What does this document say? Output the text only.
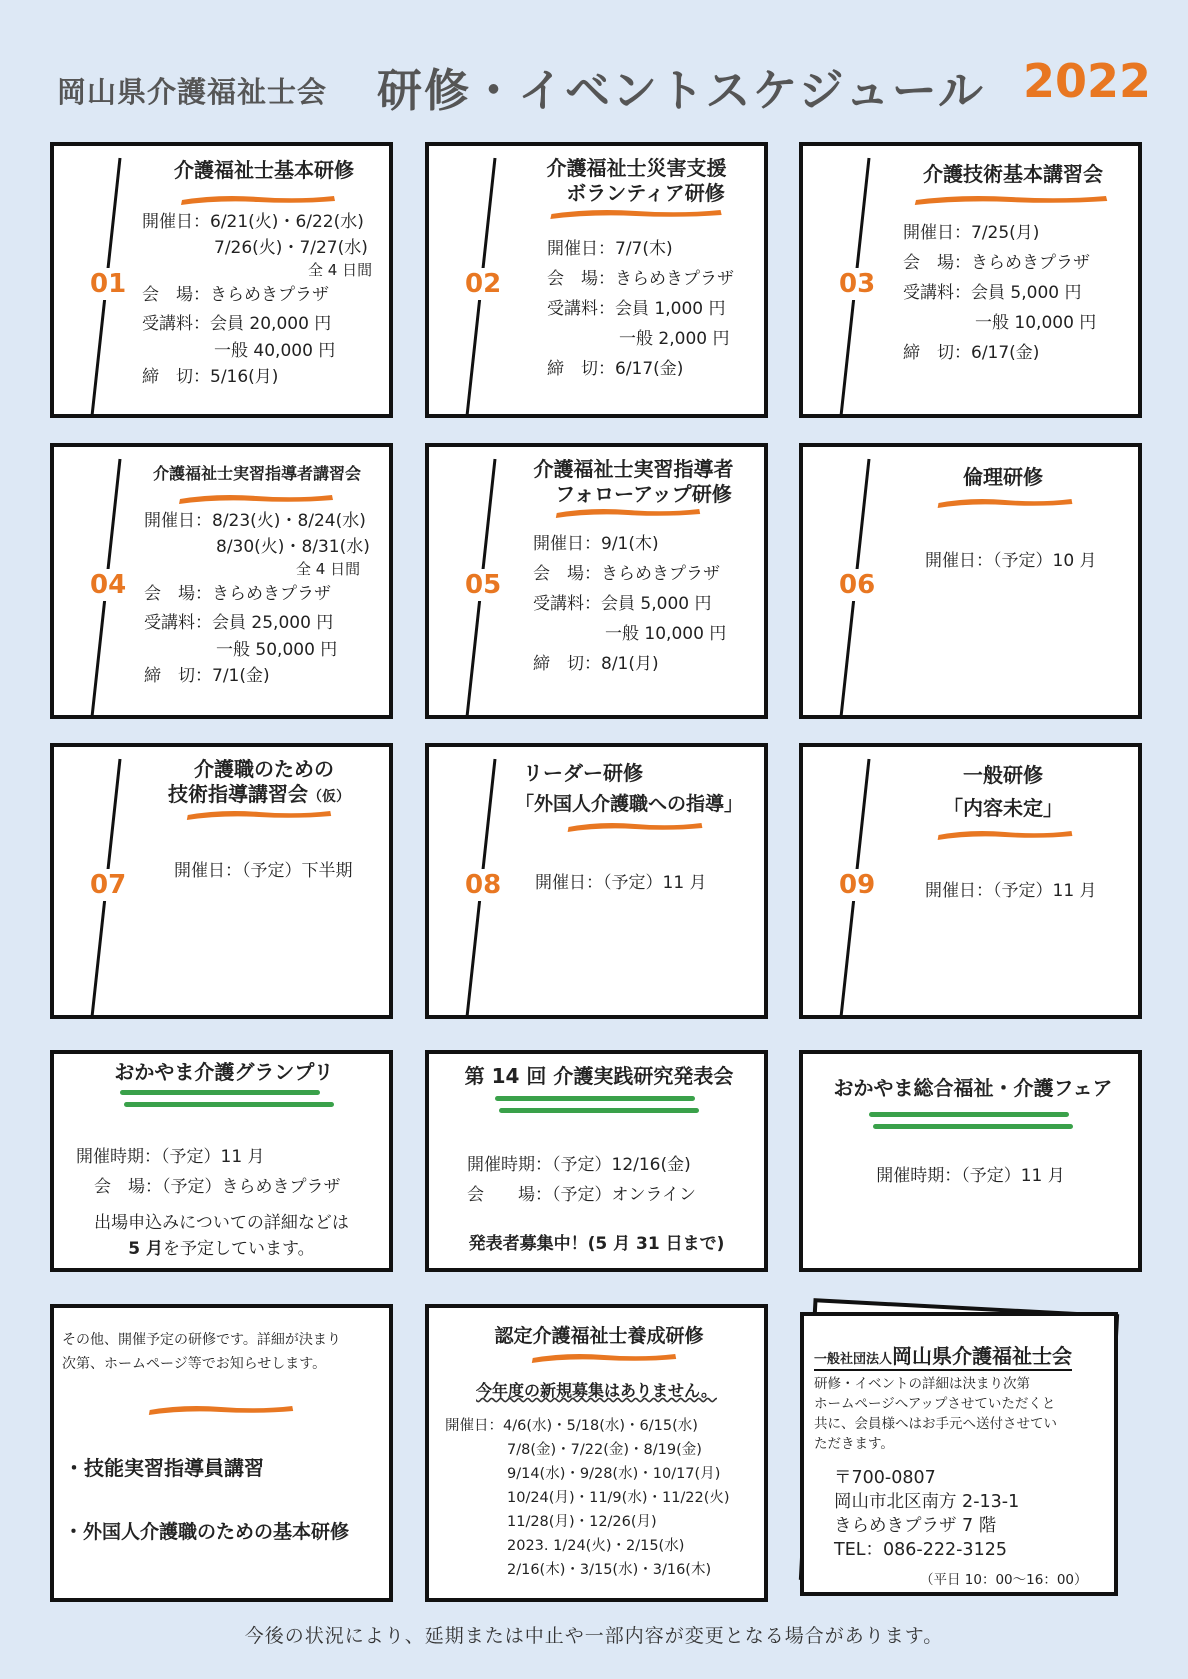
岡山県介護福祉士会 研修・イベントスケジュール 2022
01
介護福祉士基本研修
開催日：6/21(火)・6/22(水)
7/26(火)・7/27(水)
全 4 日間
会　場：きらめきプラザ
受講料：会員 20,000 円
一般 40,000 円
締　切：5/16(月)
02
介護福祉士災害支援
ボランティア研修
開催日：7/7(木)
会　場：きらめきプラザ
受講料：会員 1,000 円
一般 2,000 円
締　切：6/17(金)
03
介護技術基本講習会
開催日：7/25(月)
会　場：きらめきプラザ
受講料：会員 5,000 円
一般 10,000 円
締　切：6/17(金)
04
介護福祉士実習指導者講習会
開催日：8/23(火)・8/24(水)
8/30(火)・8/31(水)
全 4 日間
会　場：きらめきプラザ
受講料：会員 25,000 円
一般 50,000 円
締　切：7/1(金)
05
介護福祉士実習指導者
フォローアップ研修
開催日：9/1(木)
会　場：きらめきプラザ
受講料：会員 5,000 円
一般 10,000 円
締　切：8/1(月)
06
倫理研修
開催日：（予定）10 月
07
介護職のための
技術指導講習会（仮）
開催日：（予定）下半期	08
リーダー研修
「外国人介護職への指導」
開催日：（予定）11 月	09
一般研修
「内容未定」
開催日：（予定）11 月
おかやま介護グランプリ
開催時期：（予定）11 月
会　場：（予定）きらめきプラザ
出場申込みについての詳細などは
5 月を予定しています。
第 14 回 介護実践研究発表会
開催時期：（予定）12/16(金)
会　　場：（予定）オンライン
発表者募集中！(5 月 31 日まで)
おかやま総合福祉・介護フェア
開催時期：（予定）11 月
その他、開催予定の研修です。詳細が決まり
次第、ホームページ等でお知らせします。
・技能実習指導員講習
・外国人介護職のための基本研修
認定介護福祉士養成研修
今年度の新規募集はありません。
開催日：4/6(水)・5/18(水)・6/15(水)
7/8(金)・7/22(金)・8/19(金)
9/14(水)・9/28(水)・10/17(月)
10/24(月)・11/9(水)・11/22(火)
11/28(月)・12/26(月)
2023. 1/24(火)・2/15(水)
2/16(木)・3/15(水)・3/16(木)
一般社団法人岡山県介護福祉士会
研修・イベントの詳細は決まり次第
ホームページへアップさせていただくと
共に、会員様へはお手元へ送付させてい
ただきます。
〒700-0807
岡山市北区南方 2-13-1
きらめきプラザ 7 階
TEL：086-222-3125
（平日 10：00〜16：00）
今後の状況により、延期または中止や一部内容が変更となる場合があります。
